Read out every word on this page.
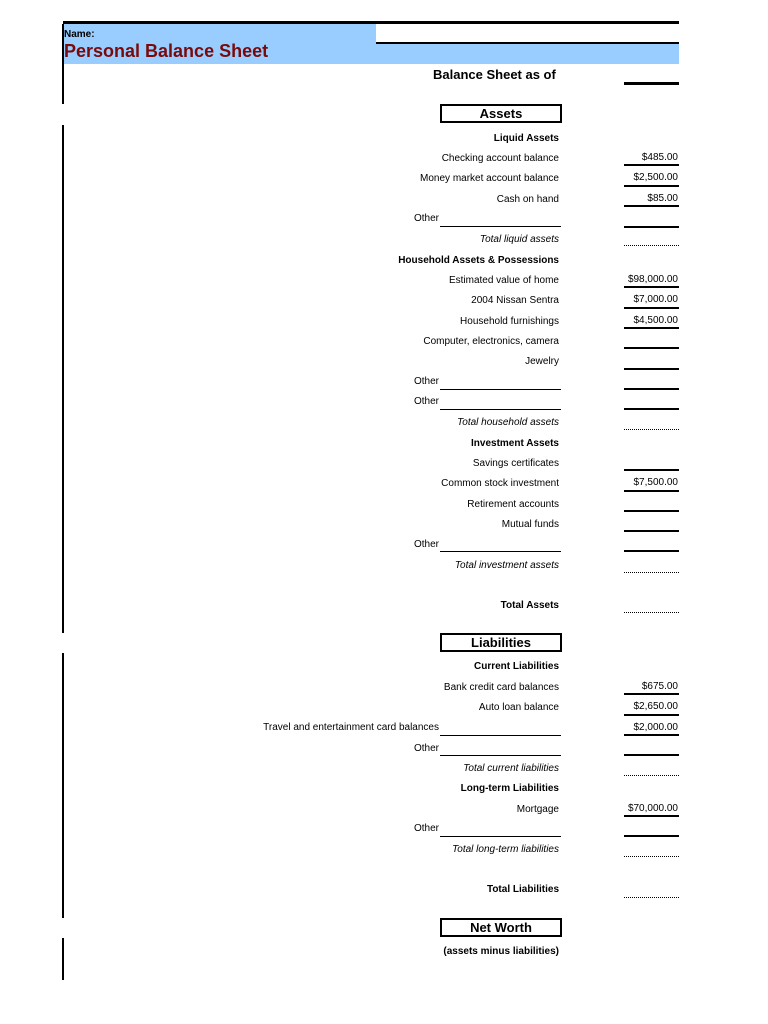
Name:
Personal Balance Sheet
Balance Sheet as of
Assets
Liquid Assets
Checking account balance	$485.00
Money market account balance	$2,500.00
Cash on hand	$85.00
Other
Total liquid assets
Household Assets & Possessions
Estimated value of home	$98,000.00
2004 Nissan Sentra	$7,000.00
Household furnishings	$4,500.00
Computer, electronics, camera
Jewelry
Other
Other
Total household assets
Investment Assets
Savings certificates
Common stock investment	$7,500.00
Retirement accounts
Mutual funds
Other
Total investment assets
Total Assets
Liabilities
Current Liabilities
Bank credit card balances	$675.00
Auto loan balance	$2,650.00
Travel and entertainment card balances	$2,000.00
Other
Total current liabilities
Long-term Liabilities
Mortgage	$70,000.00
Other
Total long-term liabilities
Total Liabilities
Net Worth
(assets minus liabilities)
